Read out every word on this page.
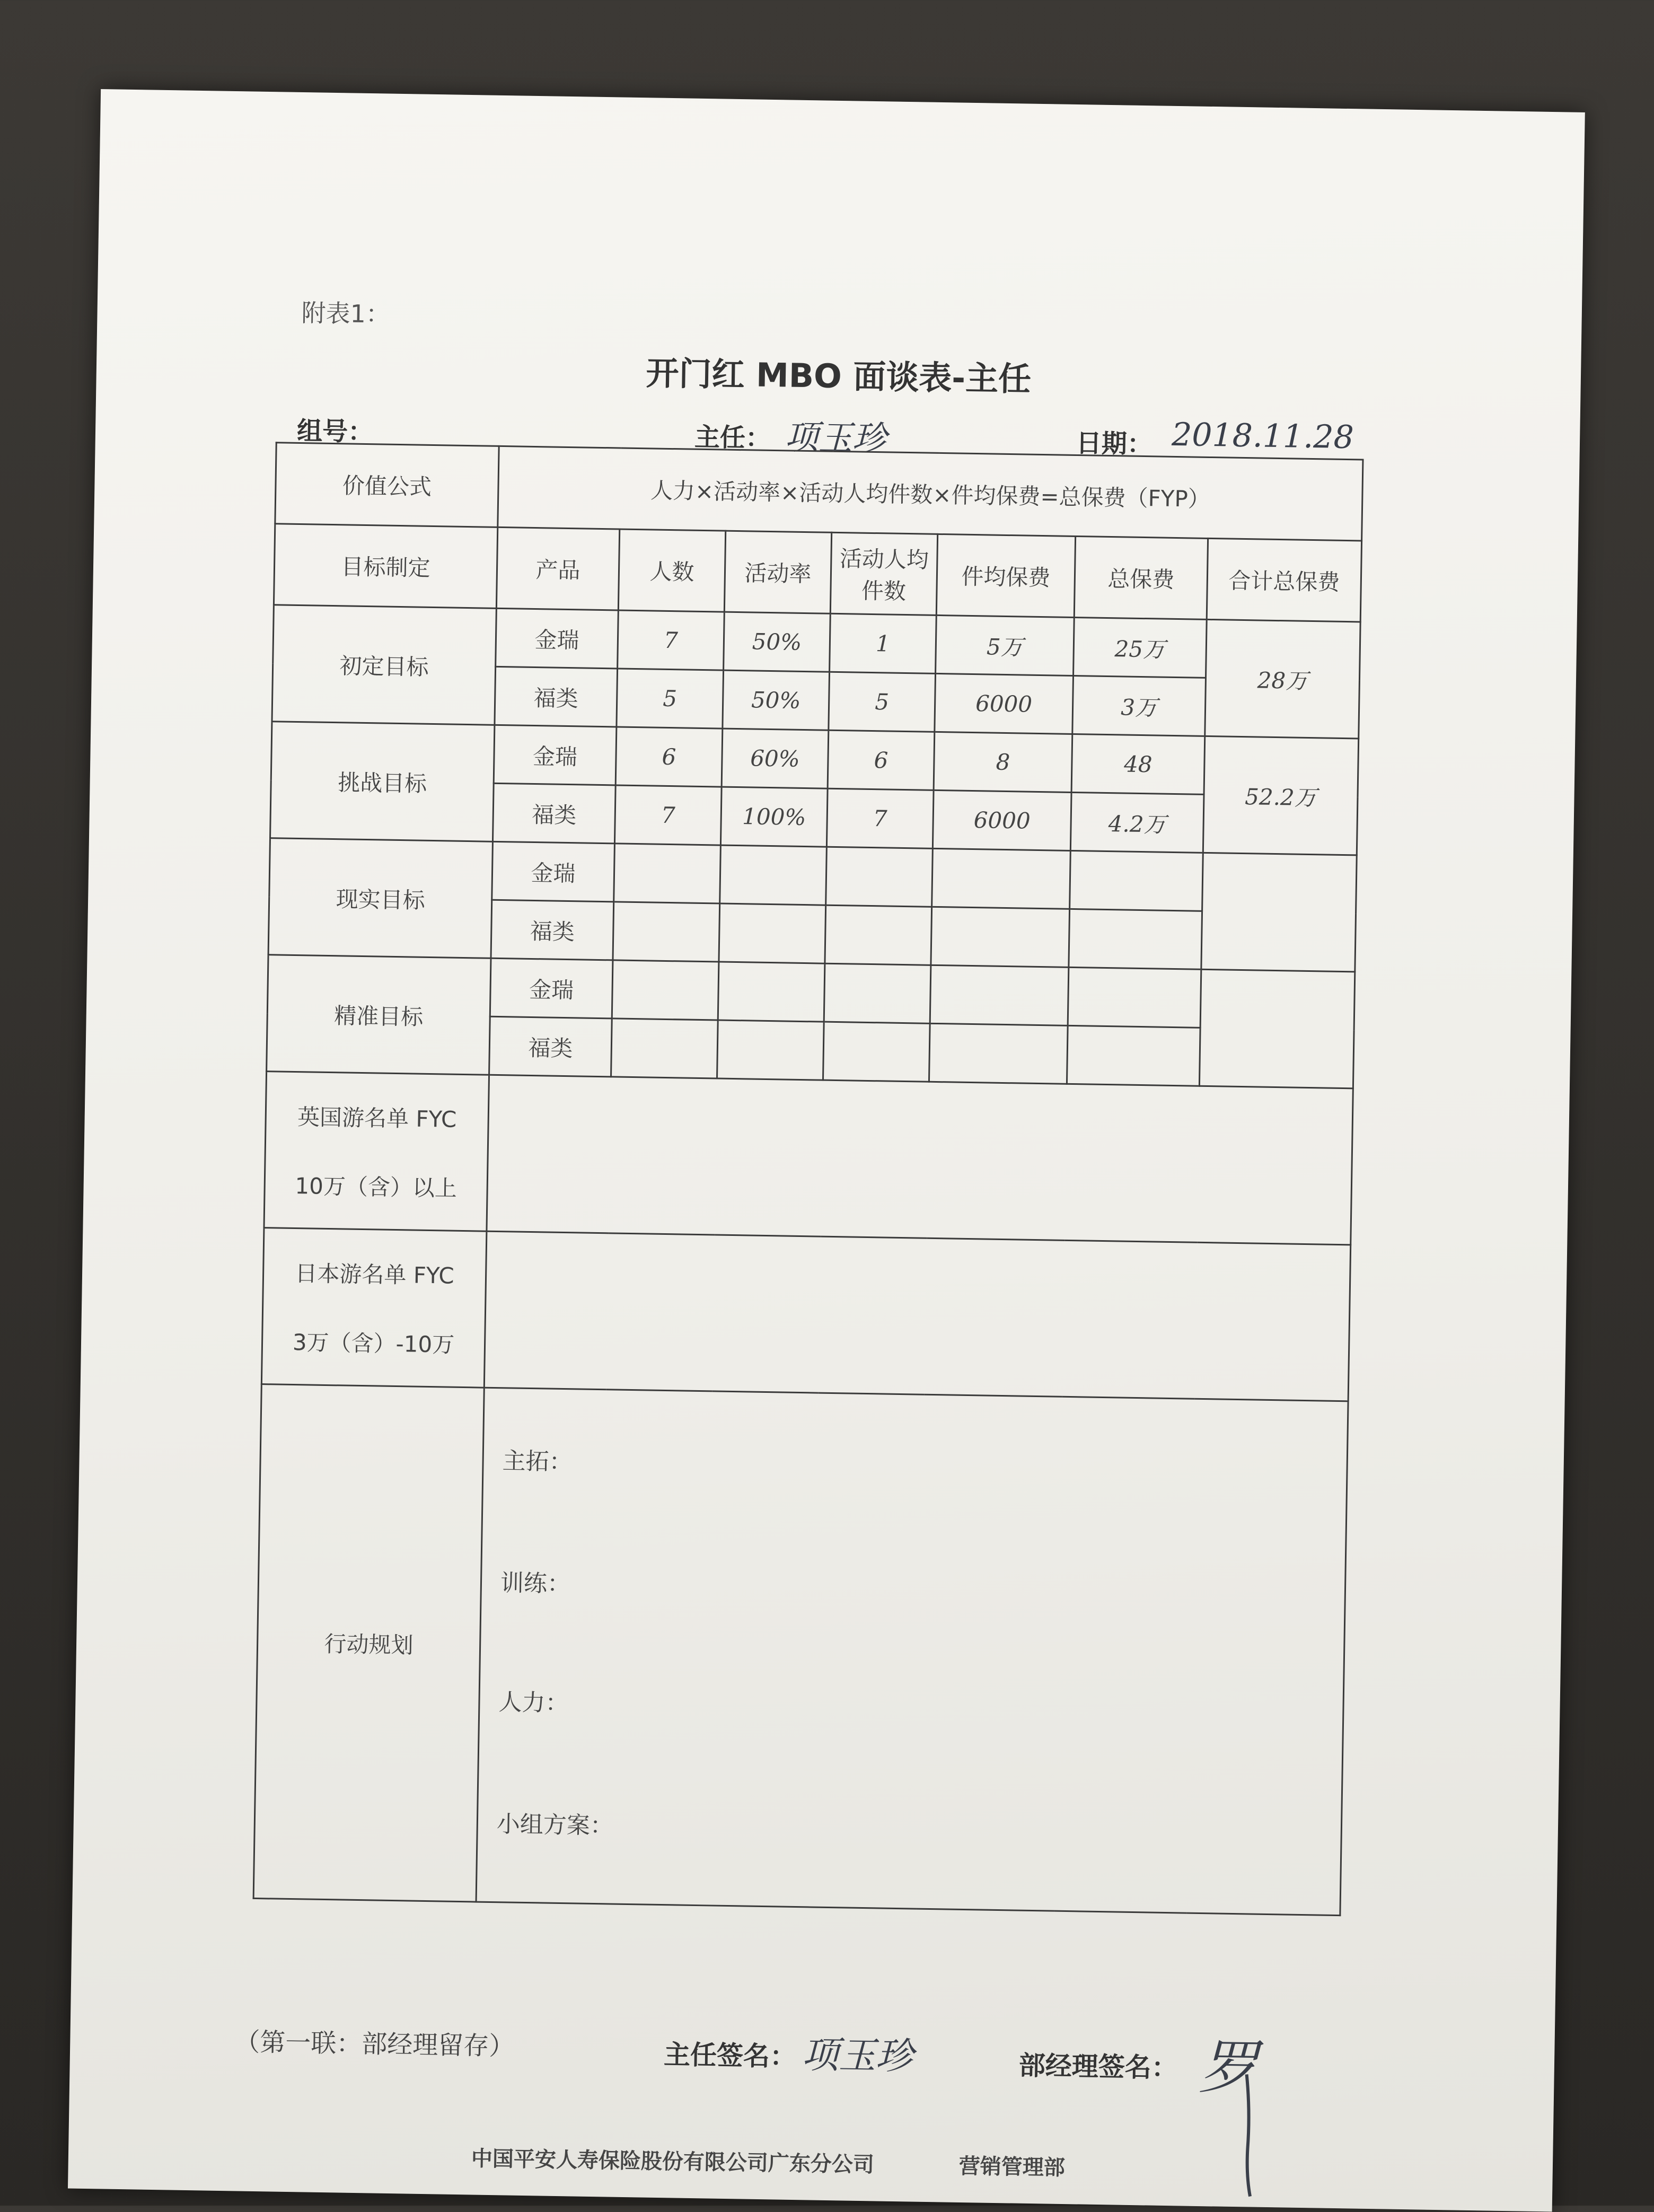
附表1：
开门红 MBO 面谈表-主任
组号：	主任： 项玉珍	日期： 2018.11.28
价值公式	人力×活动率×活动人均件数×件均保费=总保费（FYP）						
目标制定	产品	人数	活动率	活动人均件数	件均保费	总保费	合计总保费
初定目标	金瑞	7	50%	1	5万	25万	28万
	福类	5	50%	5	6000	3万	
挑战目标	金瑞	6	60%	6	8	48	52.2万
	福类	7	100%	7	6000	4.2万	
现实目标	金瑞						
	福类						
精准目标	金瑞						
	福类						

英国游名单 FYC
10万（含）以上							

日本游名单 FYC
3万（含）-10万							

行动规划	主拓：
训练：
人力：
小组方案：						
（第一联：部经理留存）	主任签名： 项玉珍	部经理签名： 罗
中国平安人寿保险股份有限公司广东分公司	营销管理部
